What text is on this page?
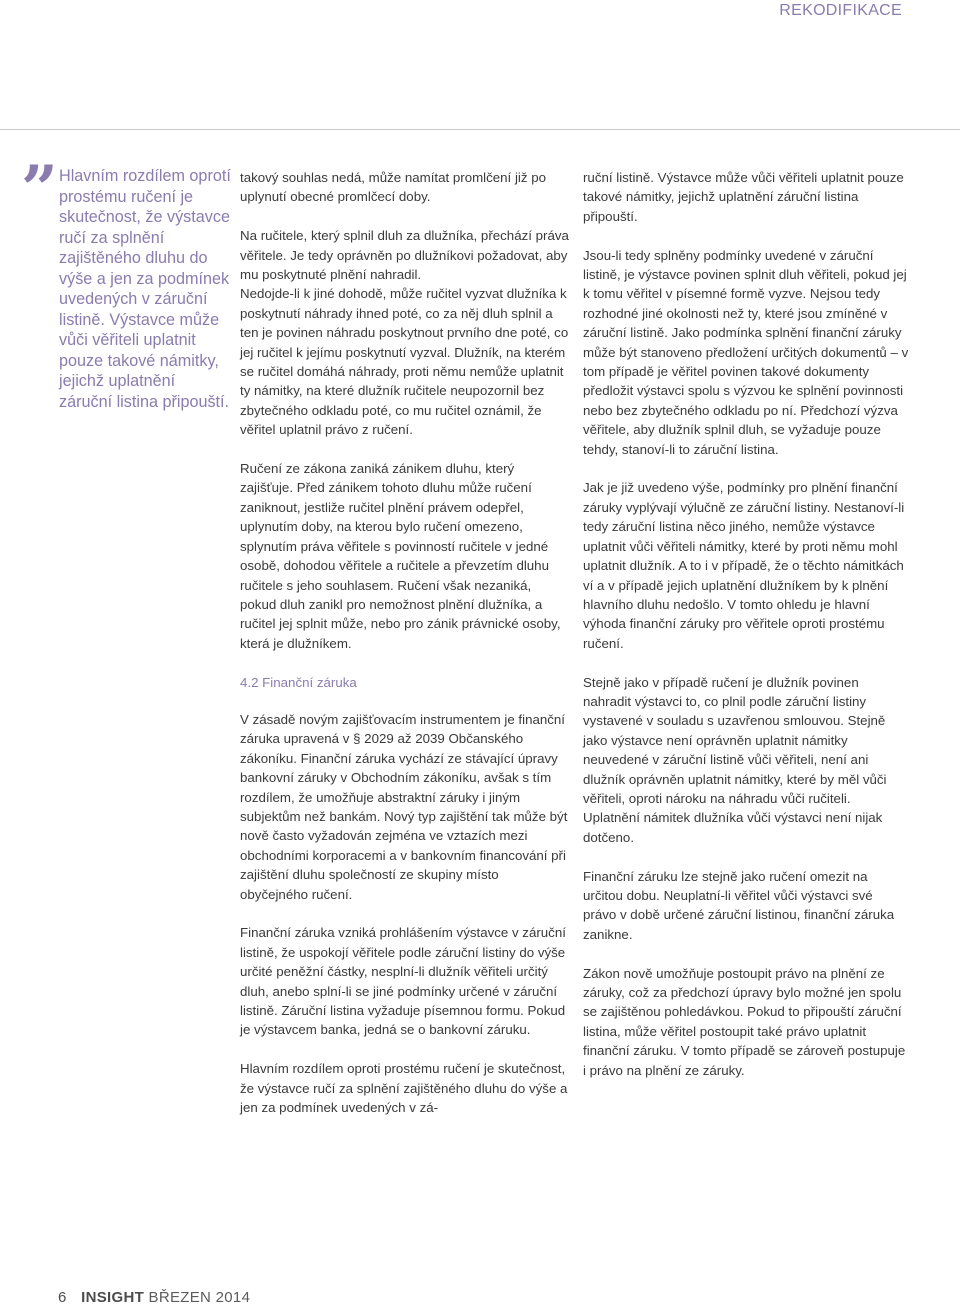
REKODIFIKACE
” Hlavním rozdílem oprotí prostému ručení je skutečnost, že výstavce ručí za splnění zajištěného dluhu do výše a jen za podmínek uvedených v záruční listině. Výstavce může vůči věřiteli uplatnit pouze takové námitky, jejichž uplatnění záruční listina připouští.

takový souhlas nedá, může namítat promlčení již po uplynutí obecné promlčecí doby.

Na ručitele, který splnil dluh za dlužníka, přechází práva věřitele. Je tedy oprávněn po dlužníkovi požadovat, aby mu poskytnuté plnění nahradil.

Nedojde-li k jiné dohodě, může ručitel vyzvat dlužníka k poskytnutí náhrady ihned poté, co za něj dluh splnil a ten je povinen náhradu poskytnout prvního dne poté, co jej ručitel k jejímu poskytnutí vyzval. Dlužník, na kterém se ručitel domáhá náhrady, proti němu nemůže uplatnit ty námitky, na které dlužník ručitele neupozornil bez zbytečného odkladu poté, co mu ručitel oznámil, že věřitel uplatnil právo z ručení.

Ručení ze zákona zaniká zánikem dluhu, který zajišťuje. Před zánikem tohoto dluhu může ručení zaniknout, jestliže ručitel plnění právem odepřel, uplynutím doby, na kterou bylo ručení omezeno, splynutím práva věřitele s povinností ručitele v jedné osobě, dohodou věřitele a ručitele a převzetím dluhu ručitele s jeho souhlasem. Ručení však nezaniká, pokud dluh zanikl pro nemožnost plnění dlužníka, a ručitel jej splnit může, nebo pro zánik právnické osoby, která je dlužníkem.

4.2 Finanční záruka

V zásadě novým zajišťovacím instrumentem je finanční záruka upravená v § 2029 až 2039 Občanského zákoníku. Finanční záruka vychází ze stávající úpravy bankovní záruky v Obchodním zákoníku, avšak s tím rozdílem, že umožňuje abstraktní záruky i jiným subjektům než bankám. Nový typ zajištění tak může být nově často vyžadován zejména ve vztazích mezi obchodními korporacemi a v bankovním financování při zajištění dluhu společností ze skupiny místo obyčejného ručení.

Finanční záruka vzniká prohlášením výstavce v záruční listině, že uspokojí věřitele podle záruční listiny do výše určité peněžní částky, nesplní-li dlužník věřiteli určitý dluh, anebo splní-li se jiné podmínky určené v záruční listině. Záruční listina vyžaduje písemnou formu. Pokud je výstavcem banka, jedná se o bankovní záruku.

Hlavním rozdílem oproti prostému ručení je skutečnost, že výstavce ručí za splnění zajištěného dluhu do výše a jen za podmínek uvedených v zá-

ruční listině. Výstavce může vůči věřiteli uplatnit pouze takové námitky, jejichž uplatnění záruční listina připouští.

Jsou-li tedy splněny podmínky uvedené v záruční listině, je výstavce povinen splnit dluh věřiteli, pokud jej k tomu věřitel v písemné formě vyzve. Nejsou tedy rozhodné jiné okolnosti než ty, které jsou zmíněné v záruční listině. Jako podmínka splnění finanční záruky může být stanoveno předložení určitých dokumentů – v tom případě je věřitel povinen takové dokumenty předložit výstavci spolu s výzvou ke splnění povinnosti nebo bez zbytečného odkladu po ní. Předchozí výzva věřitele, aby dlužník splnil dluh, se vyžaduje pouze tehdy, stanoví-li to záruční listina.

Jak je již uvedeno výše, podmínky pro plnění finanční záruky vyplývají výlučně ze záruční listiny. Nestanoví-li tedy záruční listina něco jiného, nemůže výstavce uplatnit vůči věřiteli námitky, které by proti němu mohl uplatnit dlužník. A to i v případě, že o těchto námitkách ví a v případě jejich uplatnění dlužníkem by k plnění hlavního dluhu nedošlo. V tomto ohledu je hlavní výhoda finanční záruky pro věřitele oproti prostému ručení.

Stejně jako v případě ručení je dlužník povinen nahradit výstavci to, co plnil podle záruční listiny vystavené v souladu s uzavřenou smlouvou. Stejně jako výstavce není oprávněn uplatnit námitky neuvedené v záruční listině vůči věřiteli, není ani dlužník oprávněn uplatnit námitky, které by měl vůči věřiteli, oproti nároku na náhradu vůči ručiteli. Uplatnění námitek dlužníka vůči výstavci není nijak dotčeno.

Finanční záruku lze stejně jako ručení omezit na určitou dobu. Neuplatní-li věřitel vůči výstavci své právo v době určené záruční listinou, finanční záruka zanikne.

Zákon nově umožňuje postoupit právo na plnění ze záruky, což za předchozí úpravy bylo možné jen spolu se zajištěnou pohledávkou. Pokud to připouští záruční listina, může věřitel postoupit také právo uplatnit finanční záruku. V tomto případě se zároveň postupuje i právo na plnění ze záruky.

6 INSIGHT BŘEZEN 2014
